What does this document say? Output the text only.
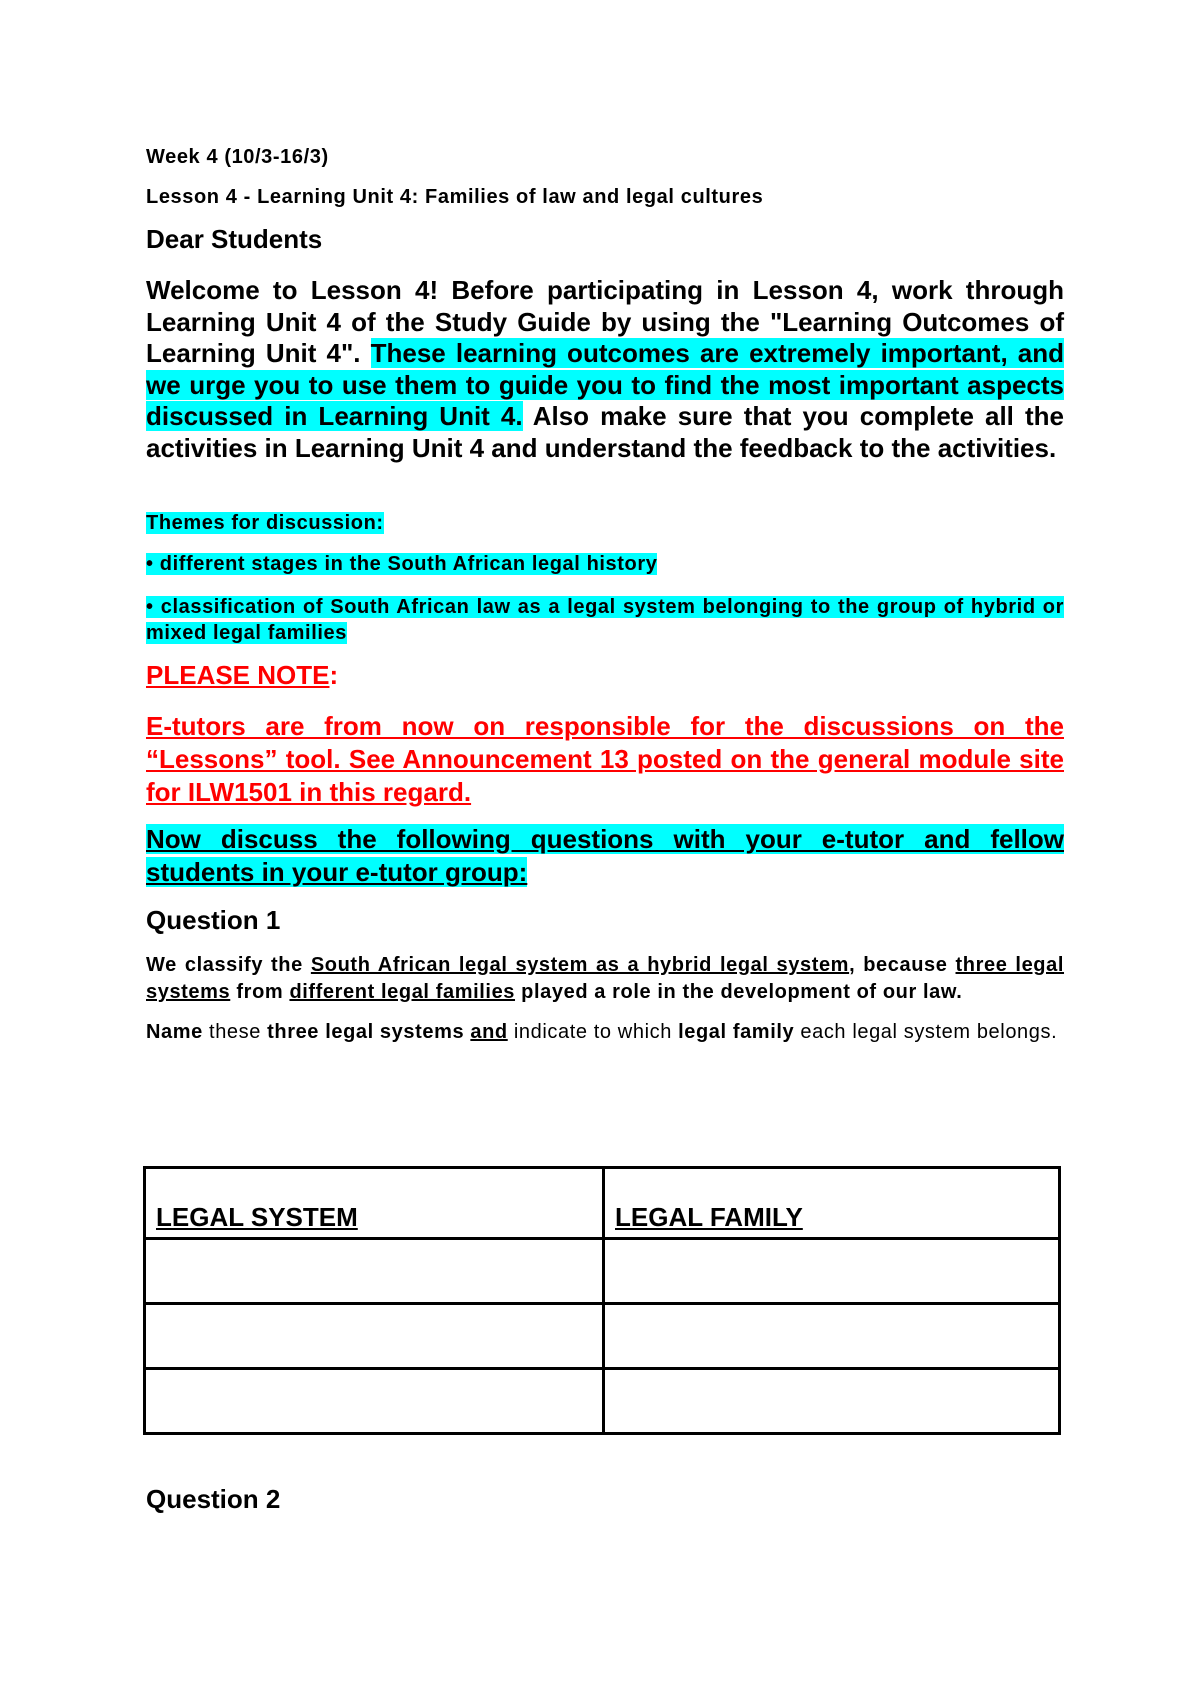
Week 4 (10/3-16/3)
Lesson 4 - Learning Unit 4: Families of law and legal cultures
Dear Students

Welcome to Lesson 4! Before participating in Lesson 4, work through Learning Unit 4 of the Study Guide by using the "Learning Outcomes of Learning Unit 4". These learning outcomes are extremely important, and we urge you to use them to guide you to find the most important aspects discussed in Learning Unit 4. Also make sure that you complete all the activities in Learning Unit 4 and understand the feedback to the activities.

Themes for discussion:
• different stages in the South African legal history

• classification of South African law as a legal system belonging to the group of hybrid or mixed legal families

PLEASE NOTE:

E-tutors are from now on responsible for the discussions on the “Lessons” tool. See Announcement 13 posted on the general module site for ILW1501 in this regard.

Now discuss the following questions with your e-tutor and fellow students in your e-tutor group:

Question 1

We classify the South African legal system as a hybrid legal system, because three legal systems from different legal families played a role in the development of our law.

Name these three legal systems and indicate to which legal family each legal system belongs.

Question 2
LEGAL SYSTEM	LEGAL FAMILY
